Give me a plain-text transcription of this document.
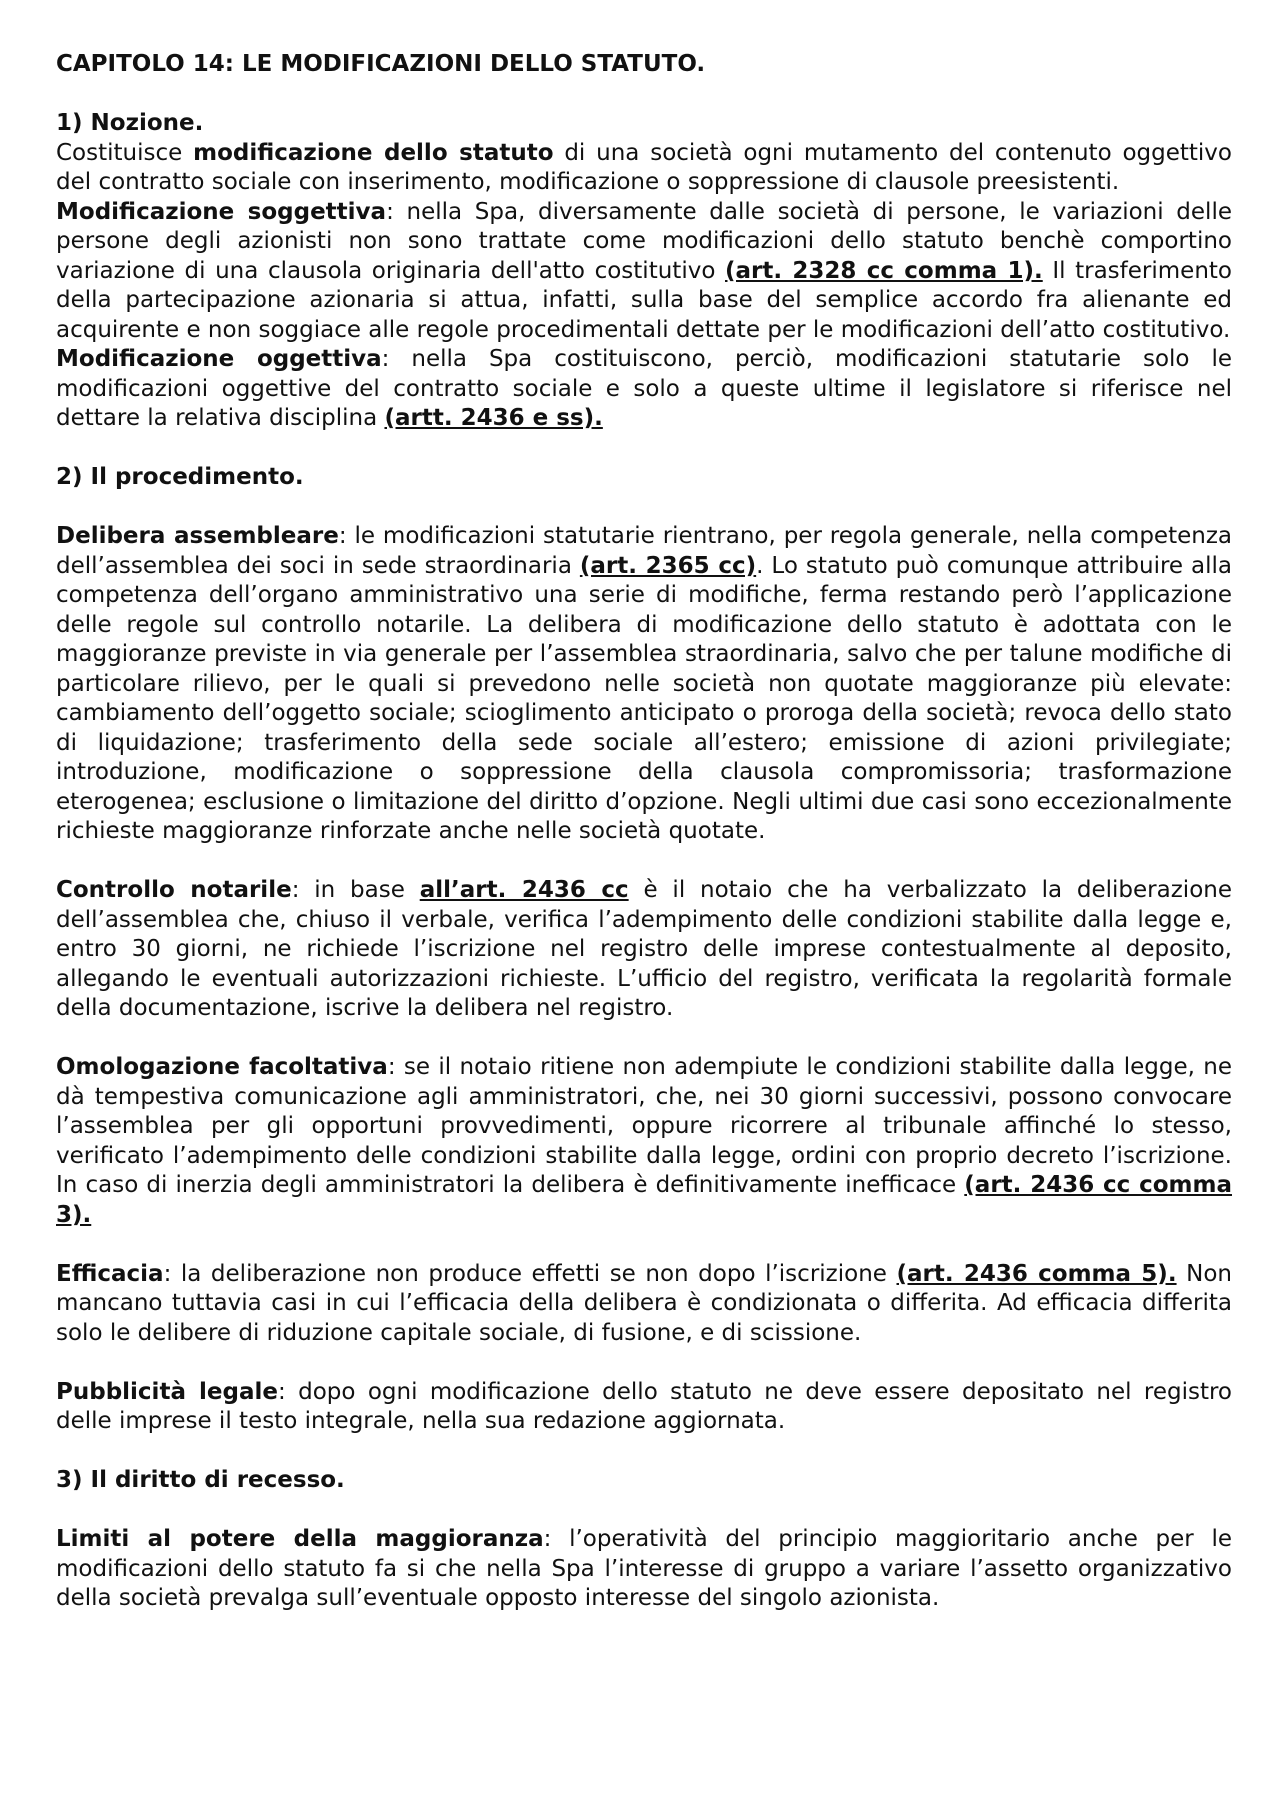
CAPITOLO 14: LE MODIFICAZIONI DELLO STATUTO.

1) Nozione.

Costituisce modificazione dello statuto di una società ogni mutamento del contenuto oggettivo del contratto sociale con inserimento, modificazione o soppressione di clausole preesistenti.

Modificazione soggettiva: nella Spa, diversamente dalle società di persone, le variazioni delle persone degli azionisti non sono trattate come modificazioni dello statuto benchè comportino variazione di una clausola originaria dell'atto costitutivo (art. 2328 cc comma 1). Il trasferimento della partecipazione azionaria si attua, infatti, sulla base del semplice accordo fra alienante ed acquirente e non soggiace alle regole procedimentali dettate per le modificazioni dell’atto costitutivo.

Modificazione oggettiva: nella Spa costituiscono, perciò, modificazioni statutarie solo le modificazioni oggettive del contratto sociale e solo a queste ultime il legislatore si riferisce nel dettare la relativa disciplina (artt. 2436 e ss).

2) Il procedimento.

Delibera assembleare: le modificazioni statutarie rientrano, per regola generale, nella competenza dell’assemblea dei soci in sede straordinaria (art. 2365 cc). Lo statuto può comunque attribuire alla competenza dell’organo amministrativo una serie di modifiche, ferma restando però l’applicazione delle regole sul controllo notarile. La delibera di modificazione dello statuto è adottata con le maggioranze previste in via generale per l’assemblea straordinaria, salvo che per talune modifiche di particolare rilievo, per le quali si prevedono nelle società non quotate maggioranze più elevate: cambiamento dell’oggetto sociale; scioglimento anticipato o proroga della società; revoca dello stato di liquidazione; trasferimento della sede sociale all’estero; emissione di azioni privilegiate; introduzione, modificazione o soppressione della clausola compromissoria; trasformazione eterogenea; esclusione o limitazione del diritto d’opzione. Negli ultimi due casi sono eccezionalmente richieste maggioranze rinforzate anche nelle società quotate.

Controllo notarile: in base all’art. 2436 cc è il notaio che ha verbalizzato la deliberazione dell’assemblea che, chiuso il verbale, verifica l’adempimento delle condizioni stabilite dalla legge e, entro 30 giorni, ne richiede l’iscrizione nel registro delle imprese contestualmente al deposito, allegando le eventuali autorizzazioni richieste. L’ufficio del registro, verificata la regolarità formale della documentazione, iscrive la delibera nel registro.

Omologazione facoltativa: se il notaio ritiene non adempiute le condizioni stabilite dalla legge, ne dà tempestiva comunicazione agli amministratori, che, nei 30 giorni successivi, possono convocare l’assemblea per gli opportuni provvedimenti, oppure ricorrere al tribunale affinché lo stesso, verificato l’adempimento delle condizioni stabilite dalla legge, ordini con proprio decreto l’iscrizione. In caso di inerzia degli amministratori la delibera è definitivamente inefficace (art. 2436 cc comma 3).

Efficacia: la deliberazione non produce effetti se non dopo l’iscrizione (art. 2436 comma 5). Non mancano tuttavia casi in cui l’efficacia della delibera è condizionata o differita. Ad efficacia differita solo le delibere di riduzione capitale sociale, di fusione, e di scissione.

Pubblicità legale: dopo ogni modificazione dello statuto ne deve essere depositato nel registro delle imprese il testo integrale, nella sua redazione aggiornata.

3) Il diritto di recesso.

Limiti al potere della maggioranza: l’operatività del principio maggioritario anche per le modificazioni dello statuto fa si che nella Spa l’interesse di gruppo a variare l’assetto organizzativo della società prevalga sull’eventuale opposto interesse del singolo azionista.
